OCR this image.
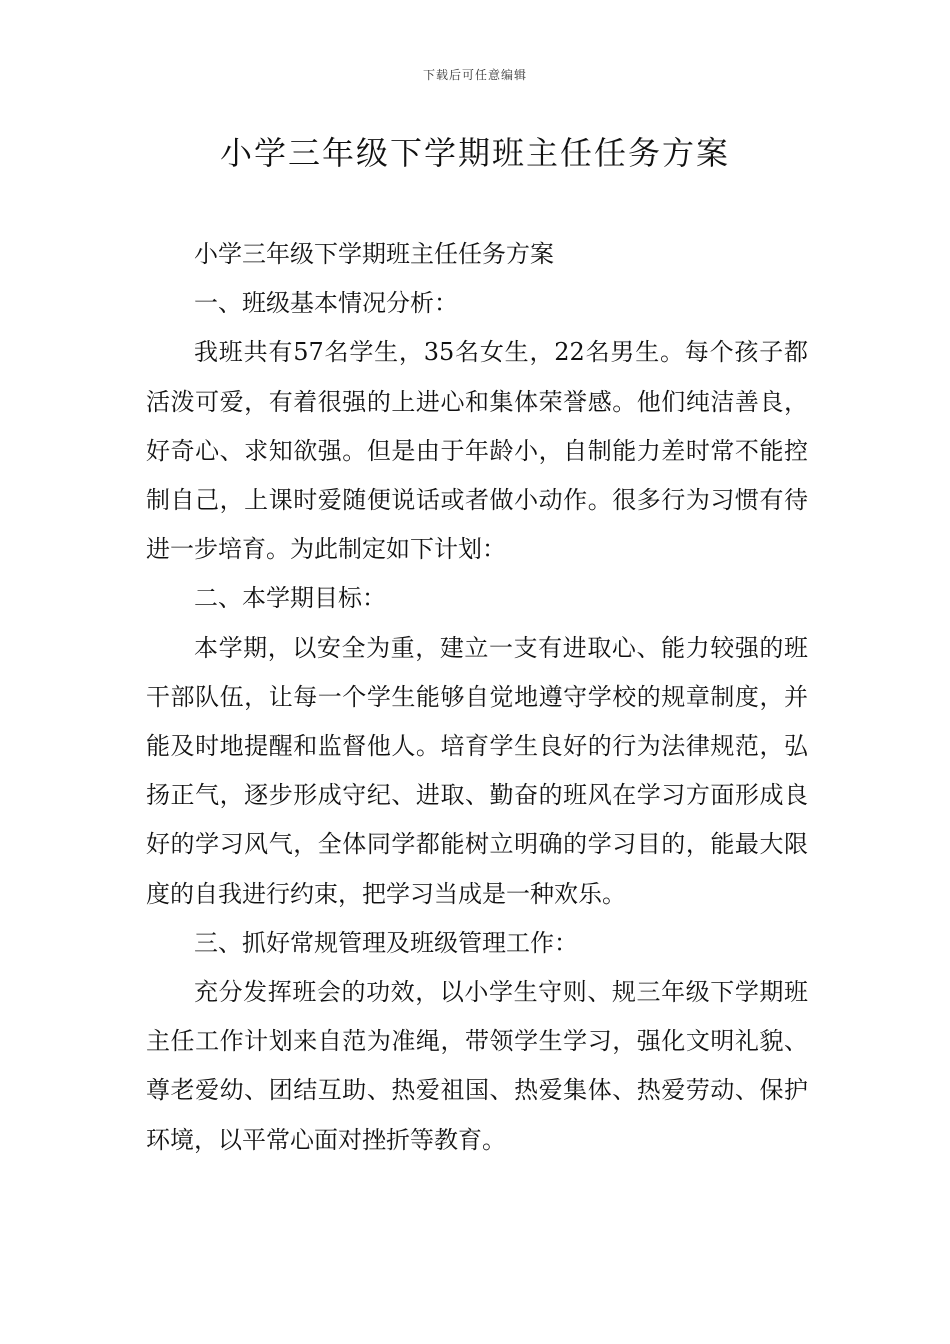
下载后可任意编辑
小学三年级下学期班主任任务方案

小学三年级下学期班主任任务方案

一、班级基本情况分析：

我班共有57名学生，35名女生，22名男生。每个孩子都活泼可爱，有着很强的上进心和集体荣誉感。他们纯洁善良，好奇心、求知欲强。但是由于年龄小，自制能力差时常不能控制自己，上课时爱随便说话或者做小动作。很多行为习惯有待进一步培育。为此制定如下计划：

二、本学期目标：

本学期，以安全为重，建立一支有进取心、能力较强的班干部队伍，让每一个学生能够自觉地遵守学校的规章制度，并能及时地提醒和监督他人。培育学生良好的行为法律规范，弘扬正气，逐步形成守纪、进取、勤奋的班风在学习方面形成良好的学习风气，全体同学都能树立明确的学习目的，能最大限度的自我进行约束，把学习当成是一种欢乐。

三、抓好常规管理及班级管理工作：

充分发挥班会的功效，以小学生守则、规三年级下学期班主任工作计划来自范为准绳，带领学生学习，强化文明礼貌、尊老爱幼、团结互助、热爱祖国、热爱集体、热爱劳动、保护环境，以平常心面对挫折等教育。
